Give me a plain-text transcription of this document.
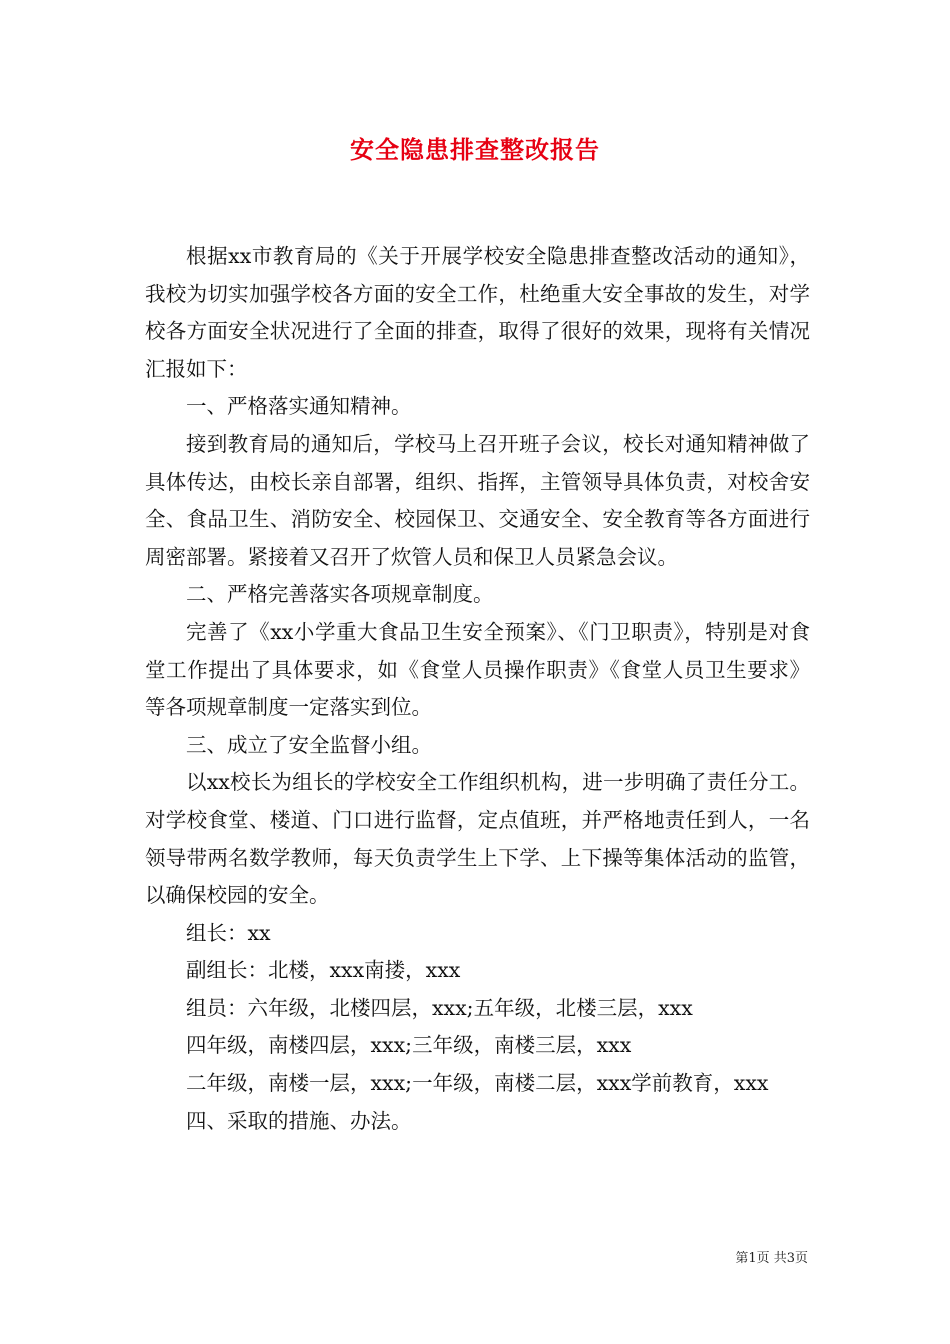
安全隐患排查整改报告

根据xx市教育局的《关于开展学校安全隐患排查整改活动的通知》，我校为切实加强学校各方面的安全工作，杜绝重大安全事故的发生，对学校各方面安全状况进行了全面的排查，取得了很好的效果，现将有关情况汇报如下：

一、严格落实通知精神。

接到教育局的通知后，学校马上召开班子会议，校长对通知精神做了具体传达，由校长亲自部署，组织、指挥，主管领导具体负责，对校舍安全、食品卫生、消防安全、校园保卫、交通安全、安全教育等各方面进行周密部署。紧接着又召开了炊管人员和保卫人员紧急会议。

二、严格完善落实各项规章制度。

完善了《xx小学重大食品卫生安全预案》、《门卫职责》，特别是对食堂工作提出了具体要求，如《食堂人员操作职责》《食堂人员卫生要求》等各项规章制度一定落实到位。

三、成立了安全监督小组。

以xx校长为组长的学校安全工作组织机构，进一步明确了责任分工。对学校食堂、楼道、门口进行监督，定点值班，并严格地责任到人，一名领导带两名数学教师，每天负责学生上下学、上下操等集体活动的监管，以确保校园的安全。

组长：xx

副组长：北楼，xxx南搂，xxx

组员：六年级，北楼四层，xxx;五年级，北楼三层，xxx

四年级，南楼四层，xxx;三年级，南楼三层，xxx

二年级，南楼一层，xxx;一年级，南楼二层，xxx学前教育，xxx

四、采取的措施、办法。

第1页 共3页
